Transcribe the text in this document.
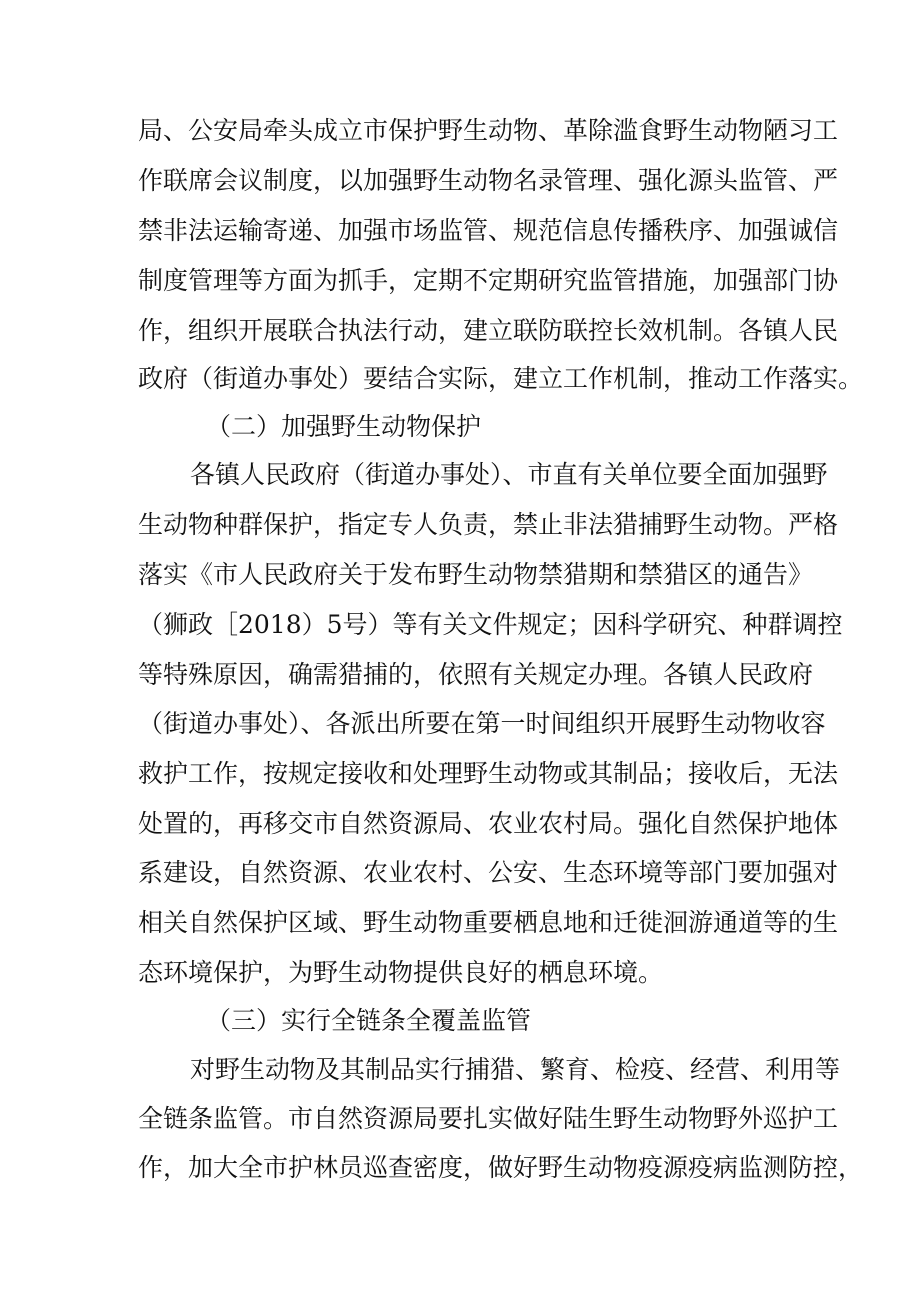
局、公安局牵头成立市保护野生动物、革除滥食野生动物陋习工
作联席会议制度，以加强野生动物名录管理、强化源头监管、严
禁非法运输寄递、加强市场监管、规范信息传播秩序、加强诚信
制度管理等方面为抓手，定期不定期研究监管措施，加强部门协
作，组织开展联合执法行动，建立联防联控长效机制。各镇人民
政府（街道办事处）要结合实际，建立工作机制，推动工作落实。
（二）加强野生动物保护
各镇人民政府（街道办事处）、市直有关单位要全面加强野
生动物种群保护，指定专人负责，禁止非法猎捕野生动物。严格
落实《市人民政府关于发布野生动物禁猎期和禁猎区的通告》
（狮政［2018）5号）等有关文件规定；因科学研究、种群调控
等特殊原因，确需猎捕的，依照有关规定办理。各镇人民政府
（街道办事处）、各派出所要在第一时间组织开展野生动物收容
救护工作，按规定接收和处理野生动物或其制品；接收后，无法
处置的，再移交市自然资源局、农业农村局。强化自然保护地体
系建设，自然资源、农业农村、公安、生态环境等部门要加强对
相关自然保护区域、野生动物重要栖息地和迁徙洄游通道等的生
态环境保护，为野生动物提供良好的栖息环境。
（三）实行全链条全覆盖监管
对野生动物及其制品实行捕猎、繁育、检疫、经营、利用等
全链条监管。市自然资源局要扎实做好陆生野生动物野外巡护工
作，加大全市护林员巡查密度，做好野生动物疫源疫病监测防控，
